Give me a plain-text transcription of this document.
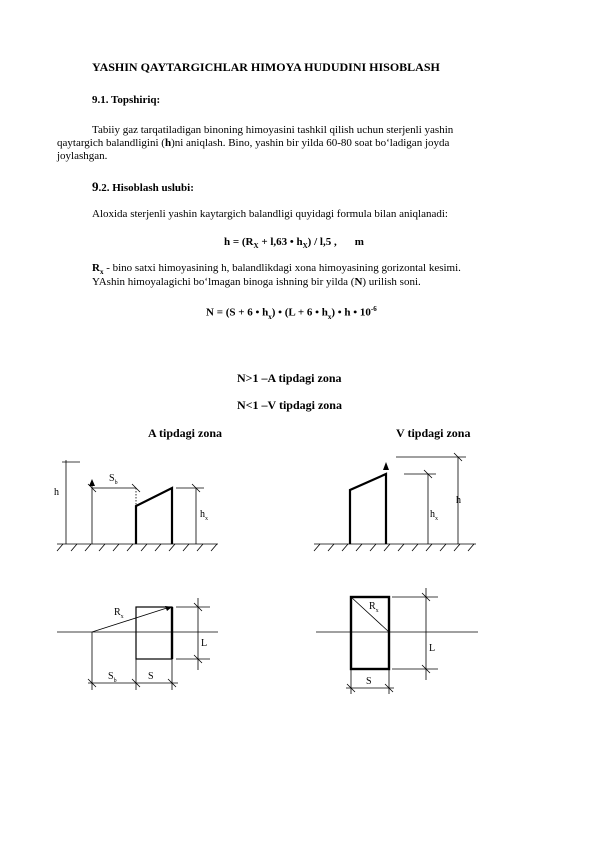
YASHIN QAYTARGICHLAR HIMOYA HUDUDINI HISOBLASH
9.1. Topshiriq:
Tabiiy gaz tarqatiladigan binoning himoyasini tashkil qilish uchun sterjenli yashin
qaytargich balandligini (h)ni aniqlash. Bino, yashin bir yilda 60-80 soat bo‘ladigan joyda
joylashgan.
9.2. Hisoblash uslubi:
Aloxida sterjenli yashin kaytargich balandligi quyidagi formula bilan aniqlanadi:
$h = (R_X + l,63$ • $h_X) / l,5$ , m
$R_x$ - bino satxi himoyasining h, balandlikdagi xona himoyasining gorizontal kesimi.
YAshin himoyalagichi bo‘lmagan binoga ishning bir yilda (N) urilish soni.
N = (S + 6 • $h_x$) • (L + 6 • $h_x$) • h • $10^{-6}$
N>1 –A tipdagi zona
N<1 –V tipdagi zona
A tipdagi zona	V tipdagi zona
h
$S_b$
$h_x$
h
$h_x$
$R_x$
L
$S_b$	S
$R_x$
L
S
